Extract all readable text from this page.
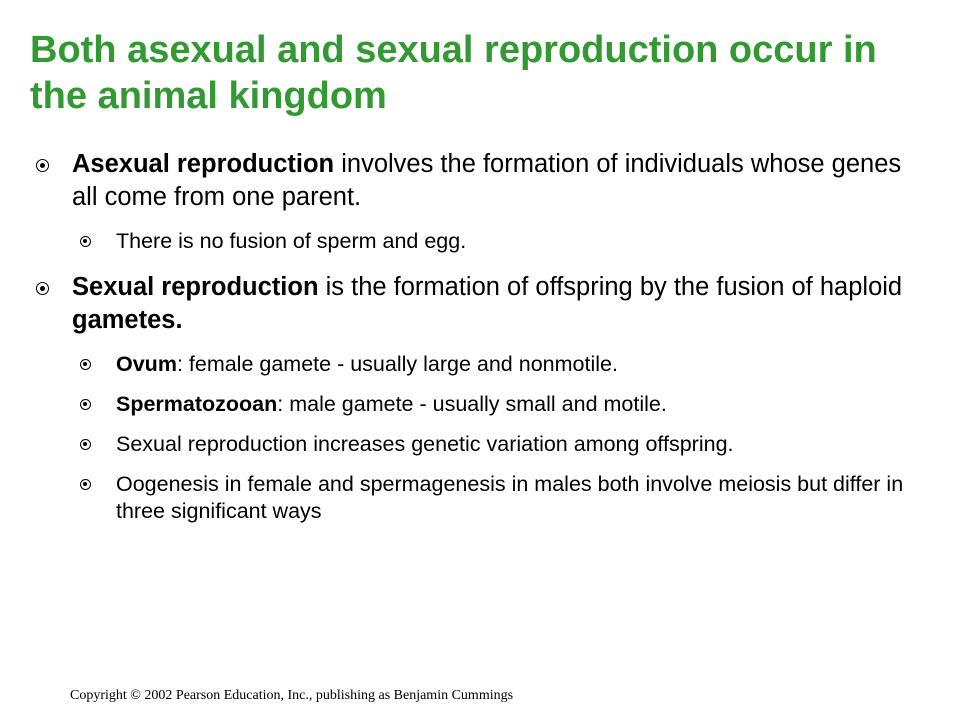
Both asexual and sexual reproduction occur in the animal kingdom
Asexual reproduction involves the formation of individuals whose genes all come from one parent.
There is no fusion of sperm and egg.
Sexual reproduction is the formation of offspring by the fusion of haploid gametes.
Ovum: female gamete - usually large and nonmotile.
Spermatozooan: male gamete - usually small and motile.
Sexual reproduction increases genetic variation among offspring.
Oogenesis in female and spermagenesis in males both involve meiosis but differ in three significant ways

Copyright © 2002 Pearson Education, Inc., publishing as Benjamin Cummings
